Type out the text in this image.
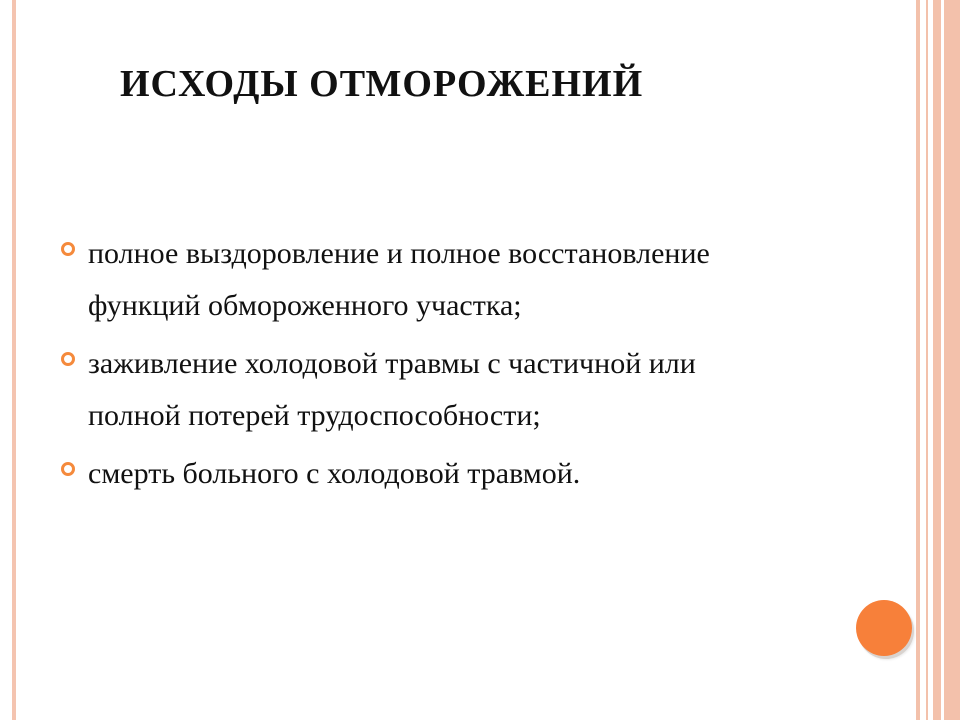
ИСХОДЫ ОТМОРОЖЕНИЙ
полное выздоровление и полное восстановление функций обмороженного участка;
заживление холодовой травмы с частичной или полной потерей трудоспособности;
смерть больного с холодовой травмой.
